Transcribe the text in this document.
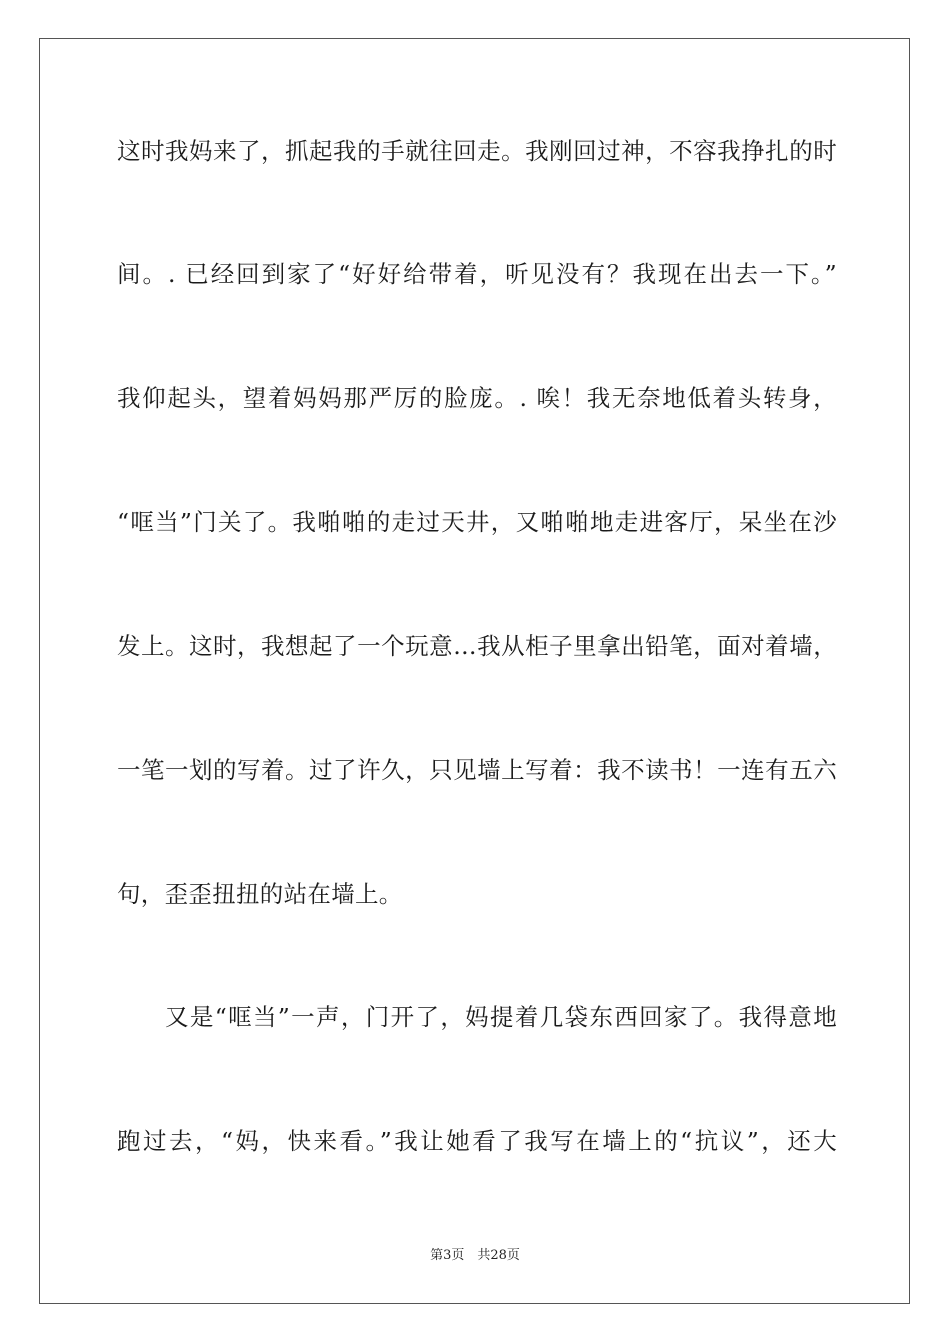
这时我妈来了，抓起我的手就往回走。我刚回过神，不容我挣扎的时
间。. 已经回到家了“好好给带着，听见没有？我现在出去一下。”
我仰起头，望着妈妈那严厉的脸庞。. 唉！我无奈地低着头转身，
“哐当”门关了。我啪啪的走过天井，又啪啪地走进客厅，呆坐在沙
发上。这时，我想起了一个玩意…我从柜子里拿出铅笔，面对着墙，
一笔一划的写着。过了许久，只见墙上写着：我不读书！一连有五六
句，歪歪扭扭的站在墙上。
又是“哐当”一声，门开了，妈提着几袋东西回家了。我得意地
跑过去，“妈，快来看。”我让她看了我写在墙上的“抗议”，还大
第3页　共28页
